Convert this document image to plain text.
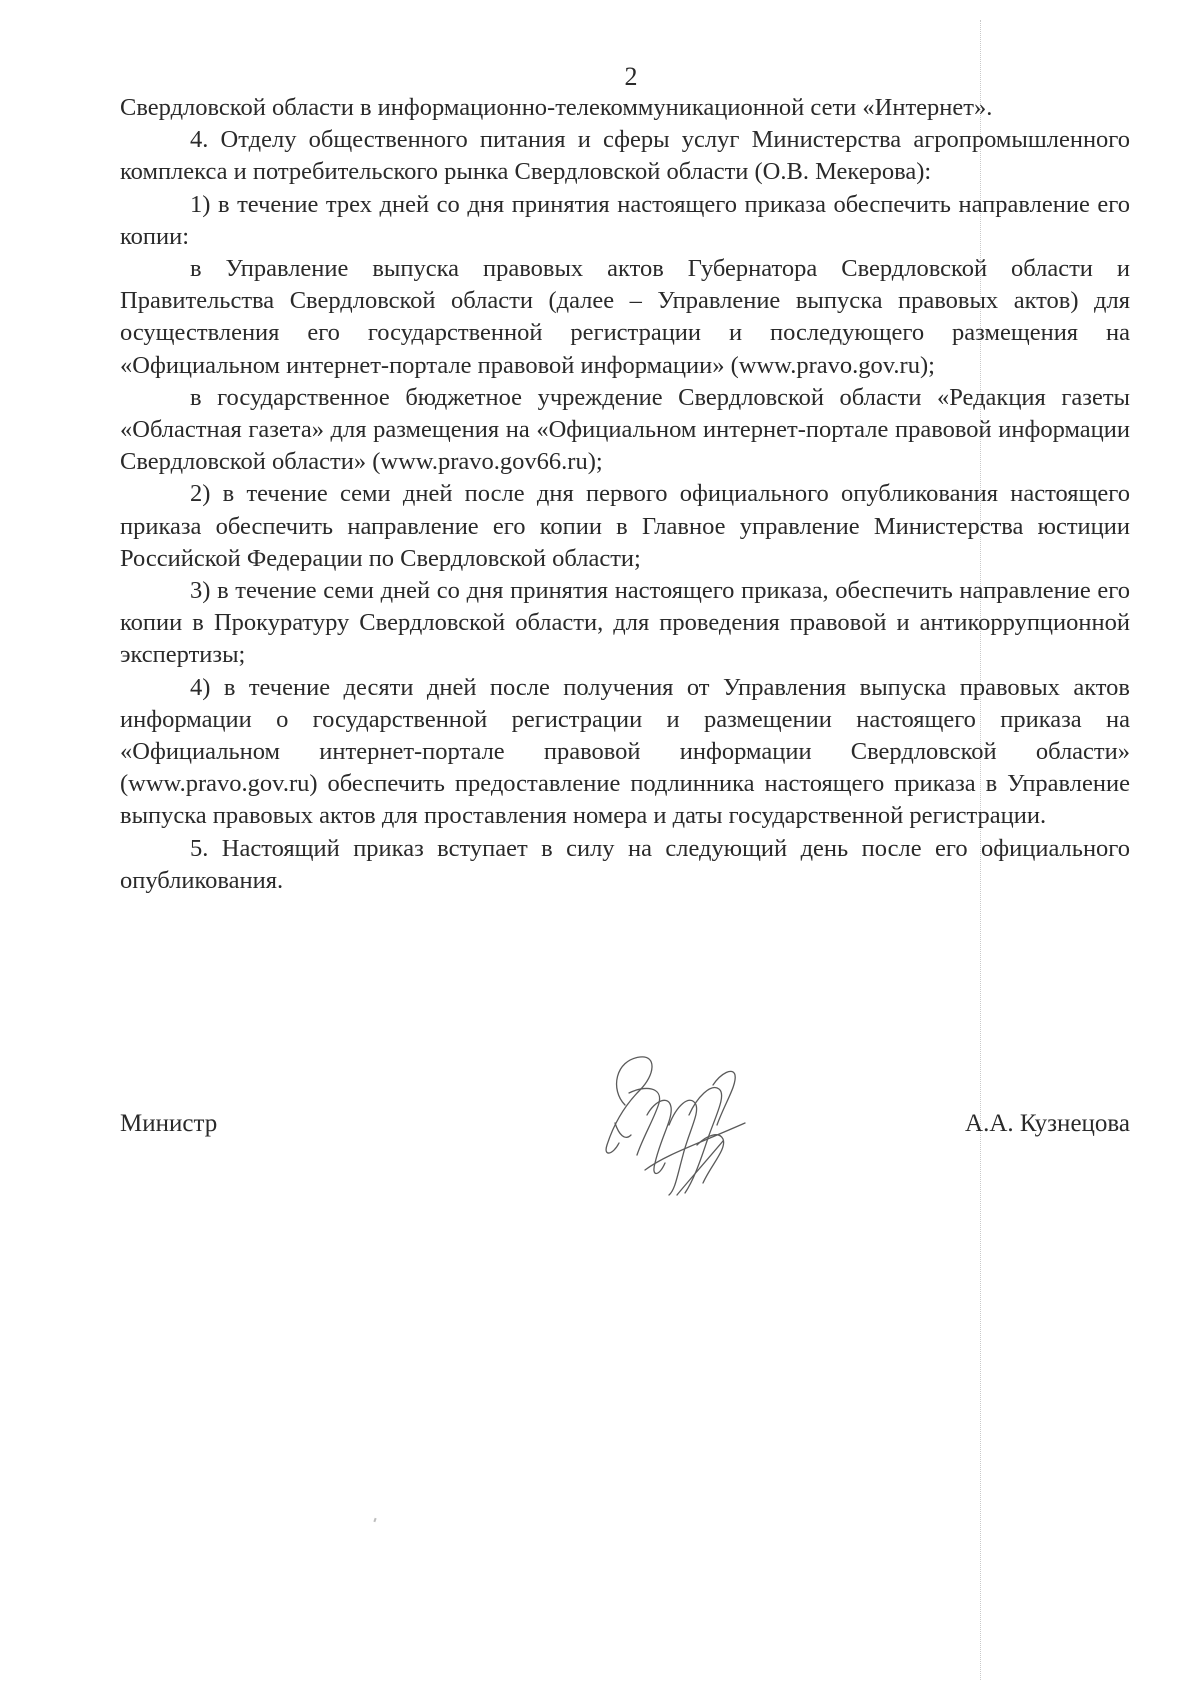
2

Свердловской области в информационно-телекоммуникационной сети «Интернет».

4. Отделу общественного питания и сферы услуг Министерства агропромышленного комплекса и потребительского рынка Свердловской области (О.В. Мекерова):

1) в течение трех дней со дня принятия настоящего приказа обеспечить направление его копии:

в Управление выпуска правовых актов Губернатора Свердловской области и Правительства Свердловской области (далее – Управление выпуска правовых актов) для осуществления его государственной регистрации и последующего размещения на «Официальном интернет-портале правовой информации» (www.pravo.gov.ru);

в государственное бюджетное учреждение Свердловской области «Редакция газеты «Областная газета» для размещения на «Официальном интернет-портале правовой информации Свердловской области» (www.pravo.gov66.ru);

2) в течение семи дней после дня первого официального опубликования настоящего приказа обеспечить направление его копии в Главное управление Министерства юстиции Российской Федерации по Свердловской области;

3) в течение семи дней со дня принятия настоящего приказа, обеспечить направление его копии в Прокуратуру Свердловской области, для проведения правовой и антикоррупционной экспертизы;

4) в течение десяти дней после получения от Управления выпуска правовых актов информации о государственной регистрации и размещении настоящего приказа на «Официальном интернет-портале правовой информации Свердловской области» (www.pravo.gov.ru) обеспечить предоставление подлинника настоящего приказа в Управление выпуска правовых актов для проставления номера и даты государственной регистрации.

5. Настоящий приказ вступает в силу на следующий день после его официального опубликования.

Министр	А.А. Кузнецова
